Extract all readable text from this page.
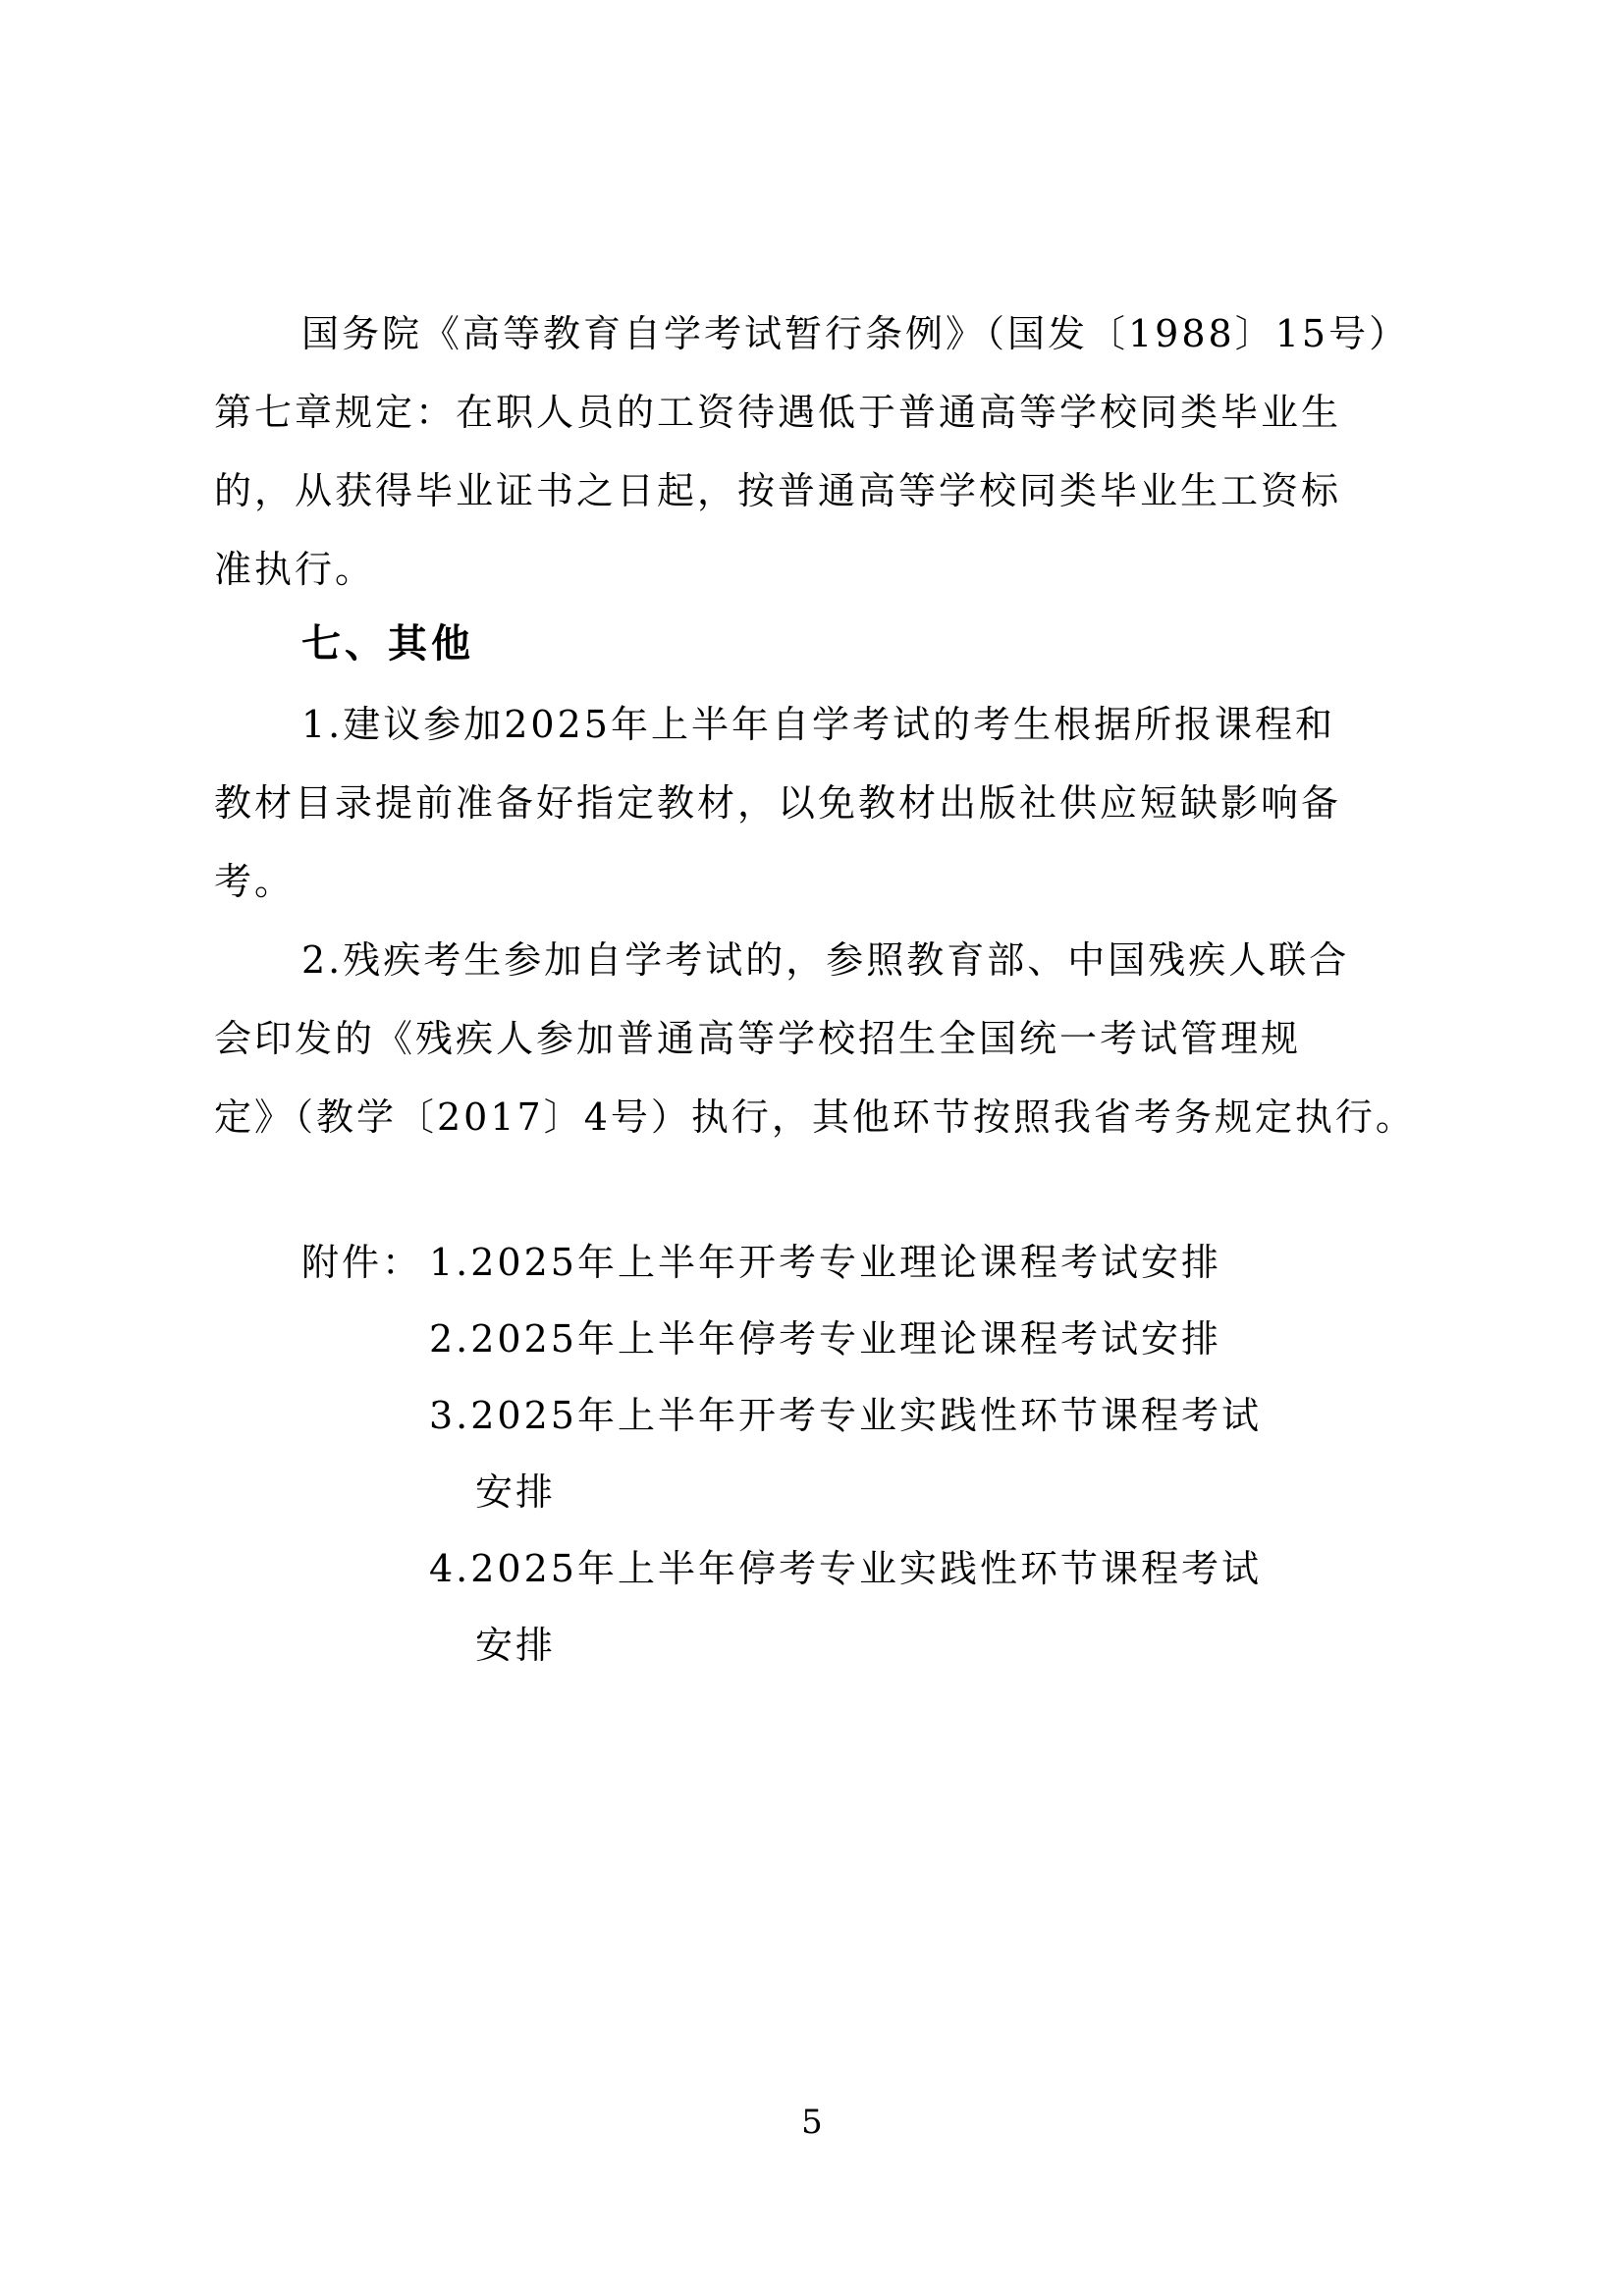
国务院《高等教育自学考试暂行条例》（国发〔1988〕15号）
第七章规定：在职人员的工资待遇低于普通高等学校同类毕业生
的，从获得毕业证书之日起，按普通高等学校同类毕业生工资标
准执行。
七、其他
1.建议参加2025年上半年自学考试的考生根据所报课程和
教材目录提前准备好指定教材，以免教材出版社供应短缺影响备
考。
2.残疾考生参加自学考试的，参照教育部、中国残疾人联合
会印发的《残疾人参加普通高等学校招生全国统一考试管理规
定》（教学〔2017〕4号）执行，其他环节按照我省考务规定执行。
附件： 1.2025年上半年开考专业理论课程考试安排
2.2025年上半年停考专业理论课程考试安排
3.2025年上半年开考专业实践性环节课程考试
安排
4.2025年上半年停考专业实践性环节课程考试
安排
5
